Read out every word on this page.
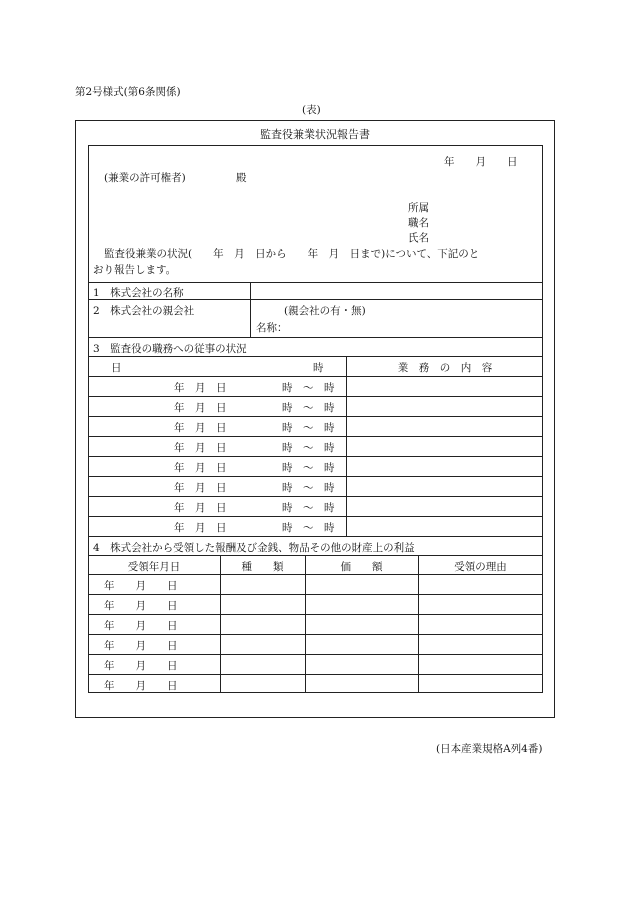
第2号様式(第6条関係)
(表)
監査役兼業状況報告書
年　　月　　日
(兼業の許可権者)	殿
所属
職名
氏名
監査役兼業の状況(　　年　月　日から　　年　月　日まで)について、下記のと
おり報告します。
1　株式会社の名称
2　株式会社の親会社	(親会社の有・無)
名称：
3　監査役の職務への従事の状況
日	時	業　務　の　内　容
年　月　日	時　～　時
年　月　日	時　～　時
年　月　日	時　～　時
年　月　日	時　～　時
年　月　日	時　～　時
年　月　日	時　～　時
年　月　日	時　～　時
年　月　日	時　～　時
4　株式会社から受領した報酬及び金銭、物品その他の財産上の利益
受領年月日	種　　類	価　　額	受領の理由
年　　月　　日
年　　月　　日
年　　月　　日
年　　月　　日
年　　月　　日
年　　月　　日
(日本産業規格A列4番)
